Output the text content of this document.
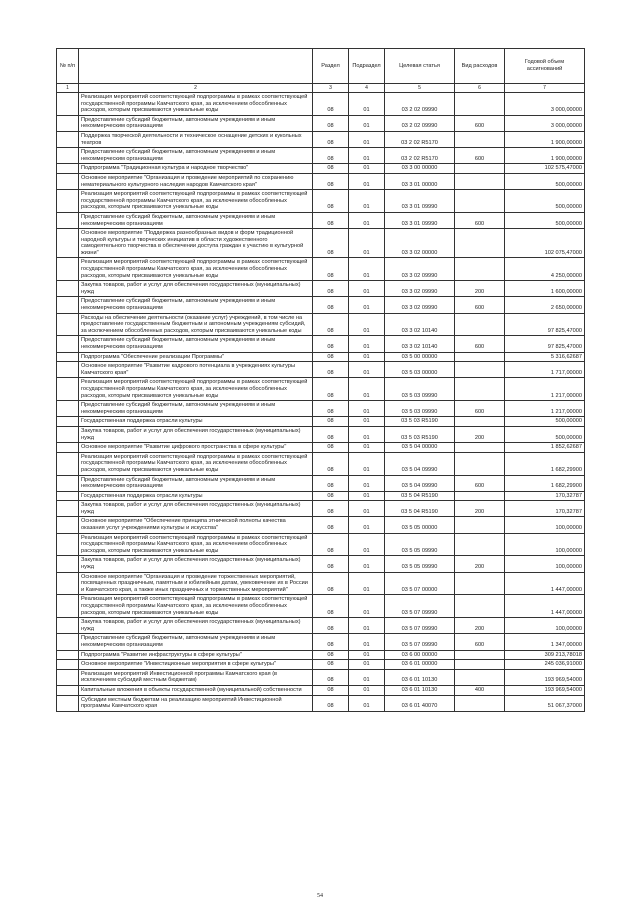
№ п/п		Раздел	Подраздел	Целевая статья	Вид расходов	Годовой объем ассигнований
1	2	3	4	5	6	7
	Реализация мероприятий соответствующей подпрограммы в рамках соответствующей государственной программы Камчатского края, за исключением обособленных расходов, которым присваиваются уникальные коды	08	01	03 2 02 09990		3 000,00000
	Предоставление субсидий бюджетным, автономным учреждениям и иным некоммерческим организациям	08	01	03 2 02 09990	600	3 000,00000
	Поддержка творческой деятельности и техническое оснащение детских и кукольных театров	08	01	03 2 02 R5170		1 900,00000
	Предоставление субсидий бюджетным, автономным учреждениям и иным некоммерческим организациям	08	01	03 2 02 R5170	600	1 900,00000
	Подпрограмма "Традиционная культура и народное творчество"	08	01	03 3 00 00000		102 575,47000
	Основное мероприятие "Организация и проведение мероприятий по сохранению нематериального культурного наследия народов Камчатского края"	08	01	03 3 01 00000		500,00000
	Реализация мероприятий соответствующей подпрограммы в рамках соответствующей государственной программы Камчатского края, за исключением обособленных расходов, которым присваиваются уникальные коды	08	01	03 3 01 09990		500,00000
	Предоставление субсидий бюджетным, автономным учреждениям и иным некоммерческим организациям	08	01	03 3 01 09990	600	500,00000
	Основное мероприятие "Поддержка разнообразных видов и форм традиционной народной культуры и творческих инициатив в области художественного самодеятельного творчества в обеспечении доступа граждан к участию в культурной жизни"	08	01	03 3 02 00000		102 075,47000
	Реализация мероприятий соответствующей подпрограммы в рамках соответствующей государственной программы Камчатского края, за исключением обособленных расходов, которым присваиваются уникальные коды	08	01	03 3 02 09990		4 250,00000
	Закупка товаров, работ и услуг для обеспечения государственных (муниципальных) нужд	08	01	03 3 02 09990	200	1 600,00000
	Предоставление субсидий бюджетным, автономным учреждениям и иным некоммерческим организациям	08	01	03 3 02 09990	600	2 650,00000
	Расходы на обеспечение деятельности (оказание услуг) учреждений, в том числе на предоставление государственным бюджетным и автономным учреждениям субсидий, за исключением обособленных расходов, которым присваиваются уникальные коды	08	01	03 3 02 10140		97 825,47000
	Предоставление субсидий бюджетным, автономным учреждениям и иным некоммерческим организациям	08	01	03 3 02 10140	600	97 825,47000
	Подпрограмма "Обеспечение реализации Программы"	08	01	03 5 00 00000		5 316,62687
	Основное мероприятие "Развитие кадрового потенциала в учреждениях культуры Камчатского края"	08	01	03 5 03 00000		1 717,00000
	Реализация мероприятий соответствующей подпрограммы в рамках соответствующей государственной программы Камчатского края, за исключением обособленных расходов, которым присваиваются уникальные коды	08	01	03 5 03 09990		1 217,00000
	Предоставление субсидий бюджетным, автономным учреждениям и иным некоммерческим организациям	08	01	03 5 03 09990	600	1 217,00000
	Государственная поддержка отрасли культуры	08	01	03 5 03 R5190		500,00000
	Закупка товаров, работ и услуг для обеспечения государственных (муниципальных) нужд	08	01	03 5 03 R5190	200	500,00000
	Основное мероприятие "Развитие цифрового пространства в сфере культуры"	08	01	03 5 04 00000		1 852,62687
	Реализация мероприятий соответствующей подпрограммы в рамках соответствующей государственной программы Камчатского края, за исключением обособленных расходов, которым присваиваются уникальные коды	08	01	03 5 04 09990		1 682,29900
	Предоставление субсидий бюджетным, автономным учреждениям и иным некоммерческим организациям	08	01	03 5 04 09990	600	1 682,29900
	Государственная поддержка отрасли культуры	08	01	03 5 04 R5190		170,32787
	Закупка товаров, работ и услуг для обеспечения государственных (муниципальных) нужд	08	01	03 5 04 R5190	200	170,32787
	Основное мероприятие "Обеспечение принципа этнической полноты качества оказания услуг учреждениями культуры и искусства"	08	01	03 5 05 00000		100,00000
	Реализация мероприятий соответствующей подпрограммы в рамках соответствующей государственной программы Камчатского края, за исключением обособленных расходов, которым присваиваются уникальные коды	08	01	03 5 05 09990		100,00000
	Закупка товаров, работ и услуг для обеспечения государственных (муниципальных) нужд	08	01	03 5 05 09990	200	100,00000
	Основное мероприятие "Организация и проведение торжественных мероприятий, посвященных праздничным, памятным и юбилейным датам, увековечение их в России и Камчатского края, а также иных праздничных и торжественных мероприятий"	08	01	03 5 07 00000		1 447,00000
	Реализация мероприятий соответствующей подпрограммы в рамках соответствующей государственной программы Камчатского края, за исключением обособленных расходов, которым присваиваются уникальные коды	08	01	03 5 07 09990		1 447,00000
	Закупка товаров, работ и услуг для обеспечения государственных (муниципальных) нужд	08	01	03 5 07 09990	200	100,00000
	Предоставление субсидий бюджетным, автономным учреждениям и иным некоммерческим организациям	08	01	03 5 07 09990	600	1 347,00000
	Подпрограмма "Развитие инфраструктуры в сфере культуры"	08	01	03 6 00 00000		309 213,78018
	Основное мероприятие "Инвестиционные мероприятия в сфере культуры"	08	01	03 6 01 00000		245 036,91000
	Реализация мероприятий Инвестиционной программы Камчатского края (в исключением субсидий местным бюджетам)	08	01	03 6 01 10130		193 969,54000
	Капитальные вложения в объекты государственной (муниципальной) собственности	08	01	03 6 01 10130	400	193 969,54000
	Субсидии местным бюджетам на реализацию мероприятий Инвестиционной программы Камчатского края	08	01	03 6 01 40070		51 067,37000
54
